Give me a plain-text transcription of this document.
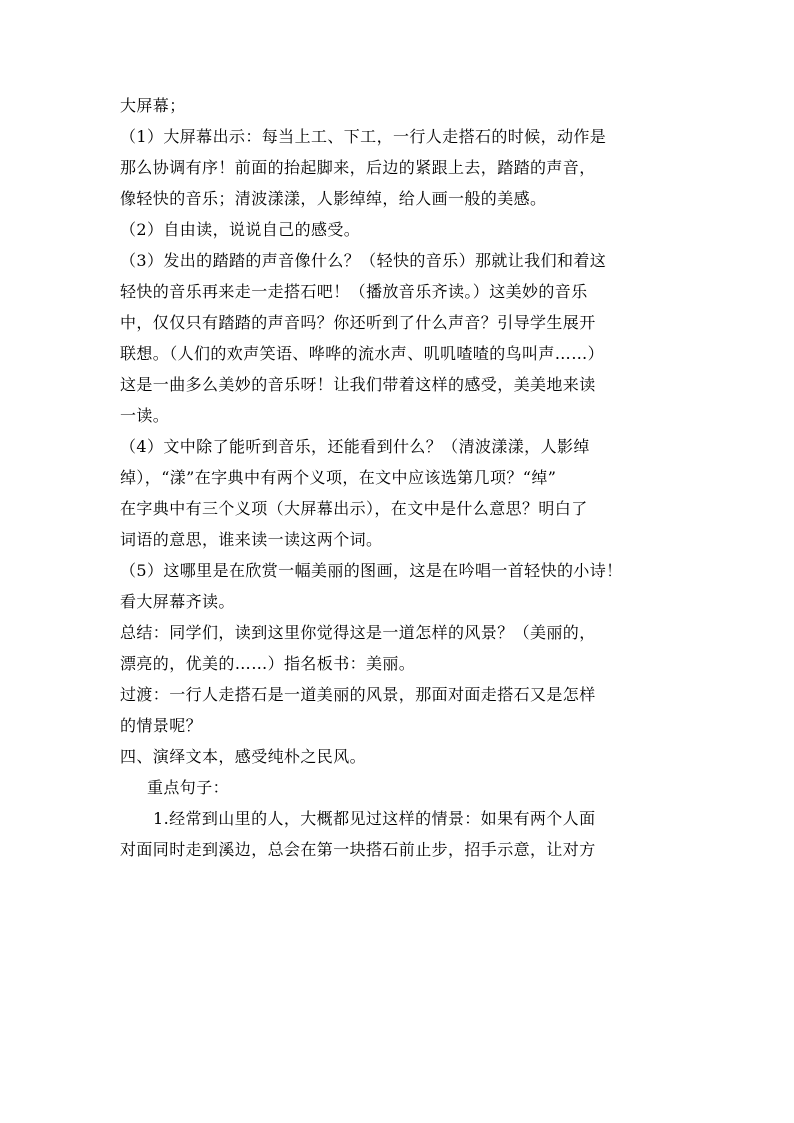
大屏幕；
（1）大屏幕出示：每当上工、下工，一行人走搭石的时候，动作是
那么协调有序！前面的抬起脚来，后边的紧跟上去，踏踏的声音，
像轻快的音乐；清波漾漾，人影绰绰，给人画一般的美感。
（2）自由读，说说自己的感受。
（3）发出的踏踏的声音像什么？（轻快的音乐）那就让我们和着这
轻快的音乐再来走一走搭石吧！（播放音乐齐读。）这美妙的音乐
中，仅仅只有踏踏的声音吗？你还听到了什么声音？引导学生展开
联想。（人们的欢声笑语、哗哗的流水声、叽叽喳喳的鸟叫声……）
这是一曲多么美妙的音乐呀！让我们带着这样的感受，美美地来读
一读。
（4）文中除了能听到音乐，还能看到什么？（清波漾漾，人影绰
绰），“漾”在字典中有两个义项，在文中应该选第几项？“绰”
在字典中有三个义项（大屏幕出示），在文中是什么意思？明白了
词语的意思，谁来读一读这两个词。
（5）这哪里是在欣赏一幅美丽的图画，这是在吟唱一首轻快的小诗！
看大屏幕齐读。
总结：同学们，读到这里你觉得这是一道怎样的风景？（美丽的，
漂亮的，优美的……）指名板书：美丽。
过渡：一行人走搭石是一道美丽的风景，那面对面走搭石又是怎样
的情景呢？
四、演绎文本，感受纯朴之民风。
重点句子：
1.经常到山里的人，大概都见过这样的情景：如果有两个人面
对面同时走到溪边，总会在第一块搭石前止步，招手示意，让对方
